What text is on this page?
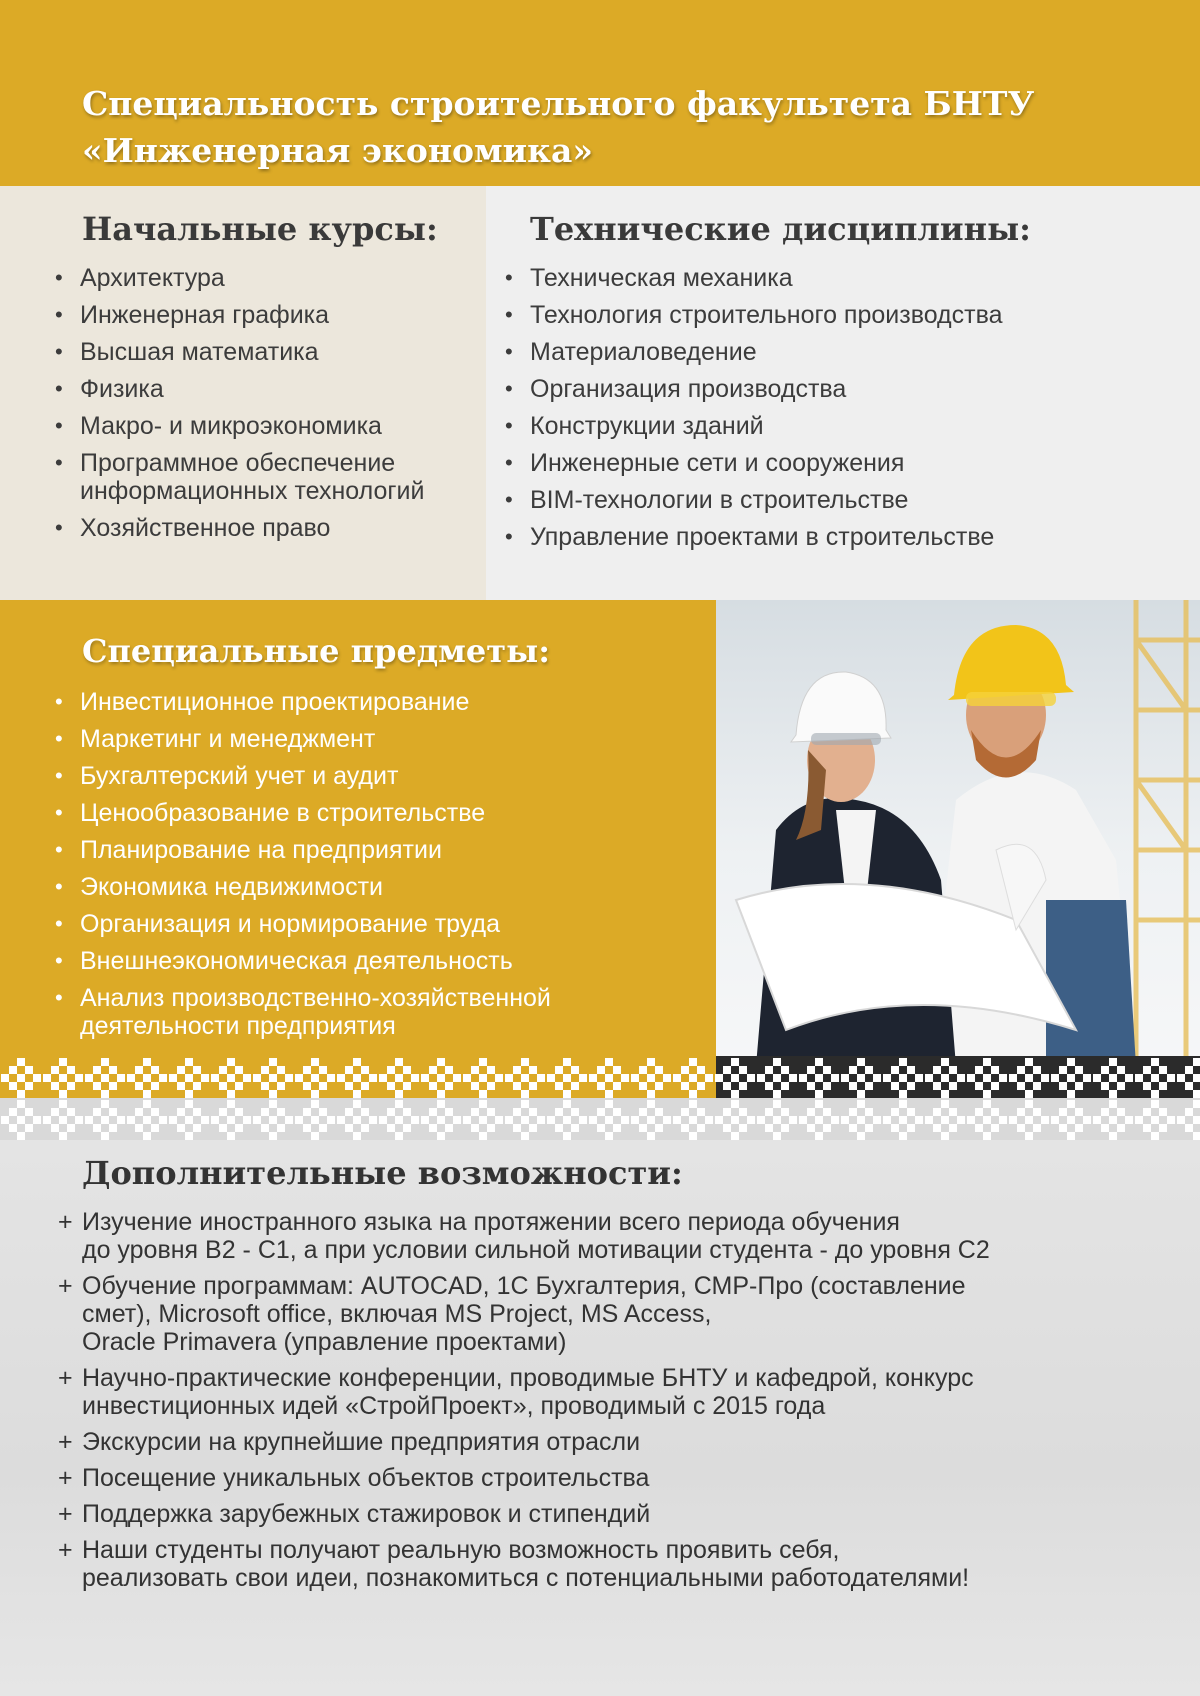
Специальность строительного факультета БНТУ
«Инженерная экономика»
Начальные курсы:
• Архитектура
• Инженерная графика
• Высшая математика
• Физика
• Макро- и микроэкономика
• Программное обеспечение
информационных технологий
• Хозяйственное право
Технические дисциплины:
• Техническая механика
• Технология строительного производства
• Материаловедение
• Организация производства
• Конструкции зданий
• Инженерные сети и сооружения
• BIM-технологии в строительстве
• Управление проектами в строительстве
Специальные предметы:
• Инвестиционное проектирование
• Маркетинг и менеджмент
• Бухгалтерский учет и аудит
• Ценообразование в строительстве
• Планирование на предприятии
• Экономика недвижимости
• Организация и нормирование труда
• Внешнеэкономическая деятельность
• Анализ производственно-хозяйственной
деятельности предприятия
Дополнительные возможности:
+ Изучение иностранного языка на протяжении всего периода обучения
до уровня В2 - С1, а при условии сильной мотивации студента - до уровня С2
+ Обучение программам: AUTOCAD, 1С Бухгалтерия, СМР-Про (составление
смет), Microsoft office, включая MS Project, MS Access,
Oracle Primavera (управление проектами)
+ Научно-практические конференции, проводимые БНТУ и кафедрой, конкурс
инвестиционных идей «СтройПроект», проводимый с 2015 года
+ Экскурсии на крупнейшие предприятия отрасли
+ Посещение уникальных объектов строительства
+ Поддержка зарубежных стажировок и стипендий
+ Наши студенты получают реальную возможность проявить себя,
реализовать свои идеи, познакомиться с потенциальными работодателями!
